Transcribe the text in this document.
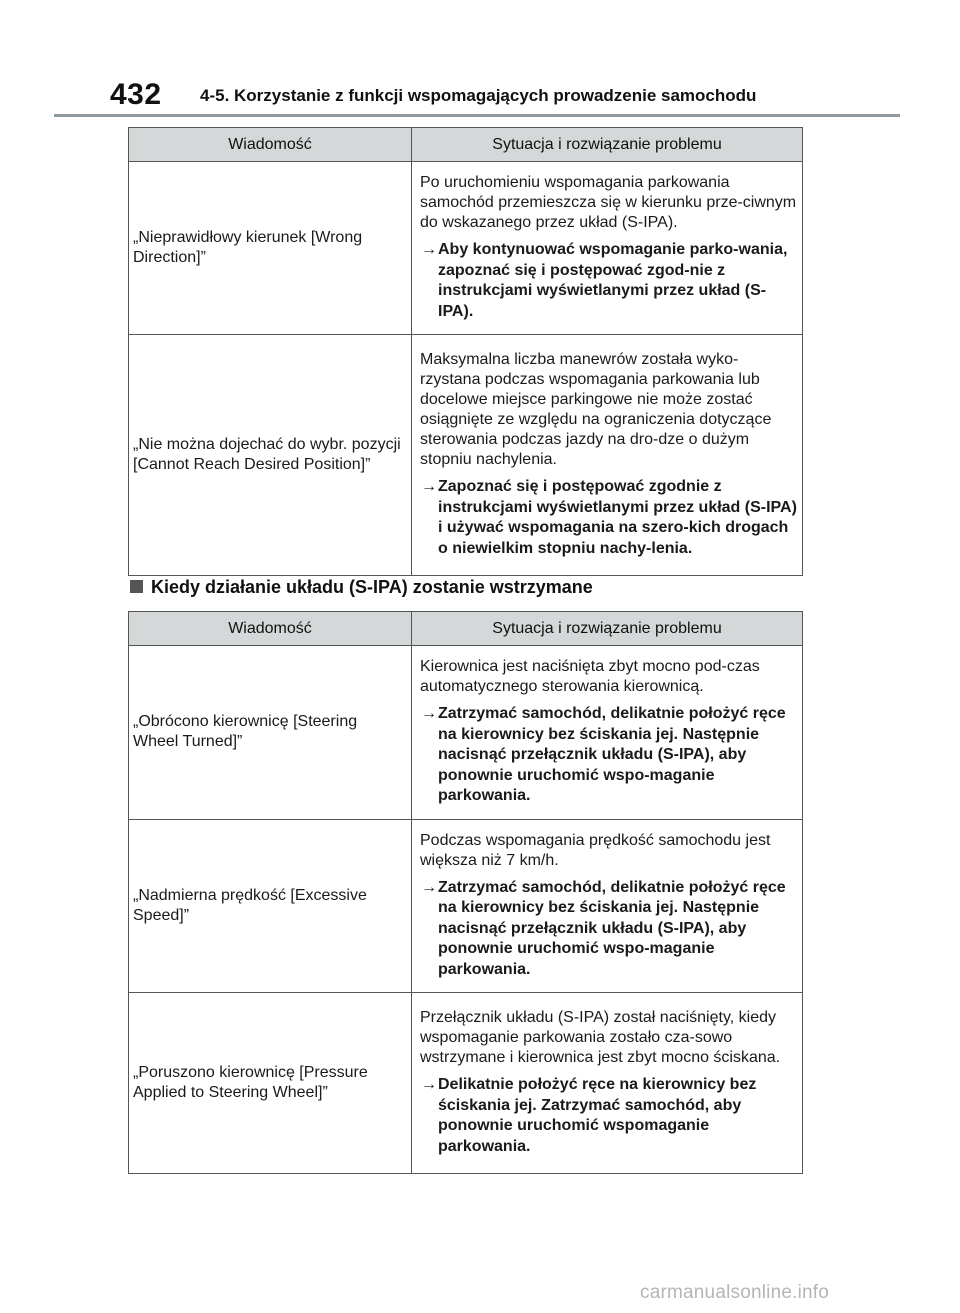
432 4-5. Korzystanie z funkcji wspomagających prowadzenie samochodu
Wiadomość	Sytuacja i rozwiązanie problemu
„Nieprawidłowy kierunek [Wrong Direction]”	Po uruchomieniu wspomagania parkowania samochód przemieszcza się w kierunku prze-ciwnym do wskazanego przez układ (S-IPA).

→Aby kontynuować wspomaganie parko-wania, zapoznać się i postępować zgod-nie z instrukcjami wyświetlanymi przez układ (S-IPA).

„Nie można dojechać do wybr. pozycji [Cannot Reach Desired Position]”	Maksymalna liczba manewrów została wyko-rzystana podczas wspomagania parkowania lub docelowe miejsce parkingowe nie może zostać osiągnięte ze względu na ograniczenia dotyczące sterowania podczas jazdy na dro-dze o dużym stopniu nachylenia.

→Zapoznać się i postępować zgodnie z instrukcjami wyświetlanymi przez układ (S-IPA) i używać wspomagania na szero-kich drogach o niewielkim stopniu nachy-lenia.
Kiedy działanie układu (S-IPA) zostanie wstrzymane
Wiadomość	Sytuacja i rozwiązanie problemu
„Obrócono kierownicę [Steering Wheel Turned]”	Kierownica jest naciśnięta zbyt mocno pod-czas automatycznego sterowania kierownicą.

→Zatrzymać samochód, delikatnie położyć ręce na kierownicy bez ściskania jej. Następnie nacisnąć przełącznik układu (S-IPA), aby ponownie uruchomić wspo-maganie parkowania.

„Nadmierna prędkość [Excessive Speed]”	Podczas wspomagania prędkość samochodu jest większa niż 7 km/h.

→Zatrzymać samochód, delikatnie położyć ręce na kierownicy bez ściskania jej. Następnie nacisnąć przełącznik układu (S-IPA), aby ponownie uruchomić wspo-maganie parkowania.

„Poruszono kierownicę [Pressure Applied to Steering Wheel]”	Przełącznik układu (S-IPA) został naciśnięty, kiedy wspomaganie parkowania zostało cza-sowo wstrzymane i kierownica jest zbyt mocno ściskana.

→Delikatnie położyć ręce na kierownicy bez ściskania jej. Zatrzymać samochód, aby ponownie uruchomić wspomaganie parkowania.
carmanualsonline.info
